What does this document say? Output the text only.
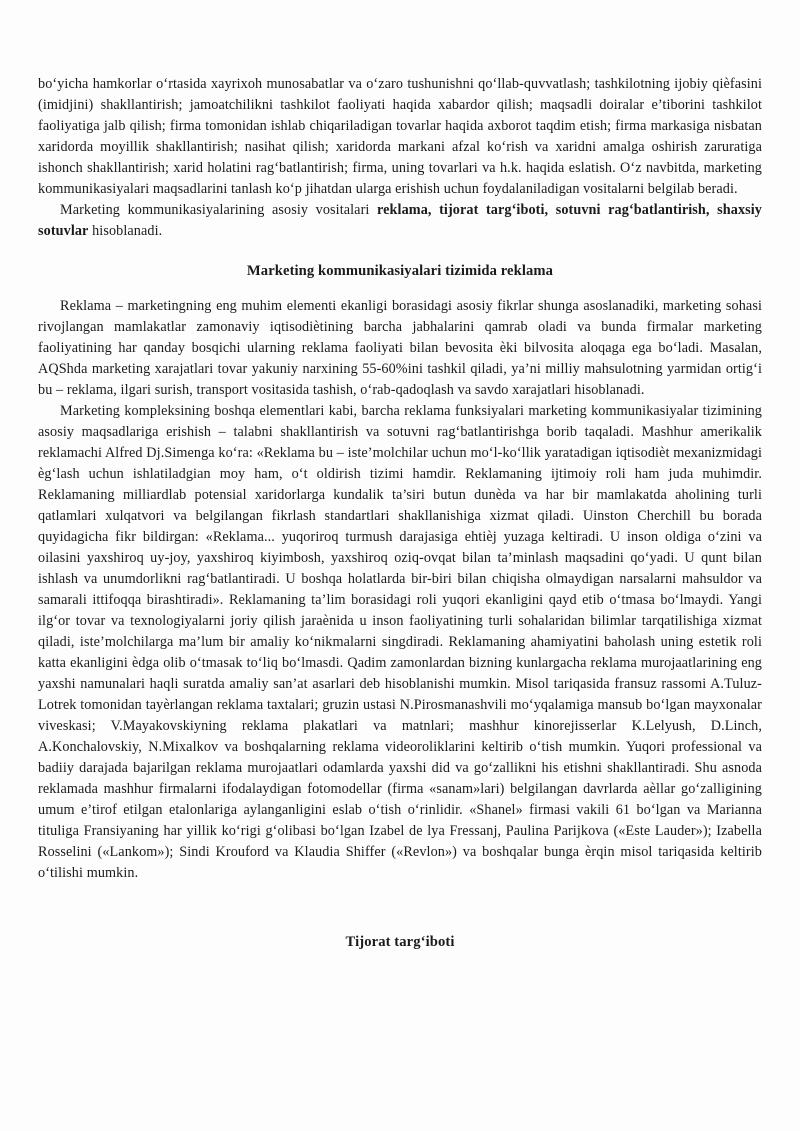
bo‘yicha hamkorlar o‘rtasida xayrixoh munosabatlar va o‘zaro tushunishni qo‘llab-quvvatlash; tashkilotning ijobiy qièfasini (imidjini) shakllantirish; jamoatchilikni tashkilot faoliyati haqida xabardor qilish; maqsadli doiralar e’tiborini tashkilot faoliyatiga jalb qilish; firma tomonidan ishlab chiqariladigan tovarlar haqida axborot taqdim etish; firma markasiga nisbatan xaridorda moyillik shakllantirish; nasihat qilish; xaridorda markani afzal ko‘rish va xaridni amalga oshirish zaruratiga ishonch shakllantirish; xarid holatini rag‘batlantirish; firma, uning tovarlari va h.k. haqida eslatish. O‘z navbitda, marketing kommunikasiyalari maqsadlarini tanlash ko‘p jihatdan ularga erishish uchun foydalaniladigan vositalarni belgilab beradi.

Marketing kommunikasiyalarining asosiy vositalari reklama, tijorat targ‘iboti, sotuvni rag‘batlantirish, shaxsiy sotuvlar hisoblanadi.

Marketing kommunikasiyalari tizimida reklama

Reklama – marketingning eng muhim elementi ekanligi borasidagi asosiy fikrlar shunga asoslanadiki, marketing sohasi rivojlangan mamlakatlar zamonaviy iqtisodiètining barcha jabhalarini qamrab oladi va bunda firmalar marketing faoliyatining har qanday bosqichi ularning reklama faoliyati bilan bevosita èki bilvosita aloqaga ega bo‘ladi. Masalan, AQShda marketing xarajatlari tovar yakuniy narxining 55-60%ini tashkil qiladi, ya’ni milliy mahsulotning yarmidan ortig‘i bu – reklama, ilgari surish, transport vositasida tashish, o‘rab-qadoqlash va savdo xarajatlari hisoblanadi.

Marketing kompleksining boshqa elementlari kabi, barcha reklama funksiyalari marketing kommunikasiyalar tizimining asosiy maqsadlariga erishish – talabni shakllantirish va sotuvni rag‘batlantirishga borib taqaladi. Mashhur amerikalik reklamachi Alfred Dj.Simenga ko‘ra: «Reklama bu – iste’molchilar uchun mo‘l-ko‘llik yaratadigan iqtisodièt mexanizmidagi èg‘lash uchun ishlatiladgian moy ham, o‘t oldirish tizimi hamdir. Reklamaning ijtimoiy roli ham juda muhimdir. Reklamaning milliardlab potensial xaridorlarga kundalik ta’siri butun dunèda va har bir mamlakatda aholining turli qatlamlari xulqatvori va belgilangan fikrlash standartlari shakllanishiga xizmat qiladi. Uinston Cherchill bu borada quyidagicha fikr bildirgan: «Reklama... yuqoriroq turmush darajasiga ehtièj yuzaga keltiradi. U inson oldiga o‘zini va oilasini yaxshiroq uy-joy, yaxshiroq kiyimbosh, yaxshiroq oziq-ovqat bilan ta’minlash maqsadini qo‘yadi. U qunt bilan ishlash va unumdorlikni rag‘batlantiradi. U boshqa holatlarda bir-biri bilan chiqisha olmaydigan narsalarni mahsuldor va samarali ittifoqqa birashtiradi». Reklamaning ta’lim borasidagi roli yuqori ekanligini qayd etib o‘tmasa bo‘lmaydi. Yangi ilg‘or tovar va texnologiyalarni joriy qilish jaraènida u inson faoliyatining turli sohalaridan bilimlar tarqatilishiga xizmat qiladi, iste’molchilarga ma’lum bir amaliy ko‘nikmalarni singdiradi. Reklamaning ahamiyatini baholash uning estetik roli katta ekanligini èdga olib o‘tmasak to‘liq bo‘lmasdi. Qadim zamonlardan bizning kunlargacha reklama murojaatlarining eng yaxshi namunalari haqli suratda amaliy san’at asarlari deb hisoblanishi mumkin. Misol tariqasida fransuz rassomi A.Tuluz-Lotrek tomonidan tayèrlangan reklama taxtalari; gruzin ustasi N.Pirosmanashvili mo‘yqalamiga mansub bo‘lgan mayxonalar viveskasi; V.Mayakovskiyning reklama plakatlari va matnlari; mashhur kinorejisserlar K.Lelyush, D.Linch, A.Konchalovskiy, N.Mixalkov va boshqalarning reklama videoroliklarini keltirib o‘tish mumkin. Yuqori professional va badiiy darajada bajarilgan reklama murojaatlari odamlarda yaxshi did va go‘zallikni his etishni shakllantiradi. Shu asnoda reklamada mashhur firmalarni ifodalaydigan fotomodellar (firma «sanam»lari) belgilangan davrlarda aèllar go‘zalligining umum e’tirof etilgan etalonlariga aylanganligini eslab o‘tish o‘rinlidir. «Shanel» firmasi vakili 61 bo‘lgan va Marianna tituliga Fransiyaning har yillik ko‘rigi g‘olibasi bo‘lgan Izabel de lya Fressanj, Paulina Parijkova («Este Lauder»); Izabella Rosselini («Lankom»); Sindi Krouford va Klaudia Shiffer («Revlon») va boshqalar bunga èrqin misol tariqasida keltirib o‘tilishi mumkin.

Tijorat targ‘iboti
